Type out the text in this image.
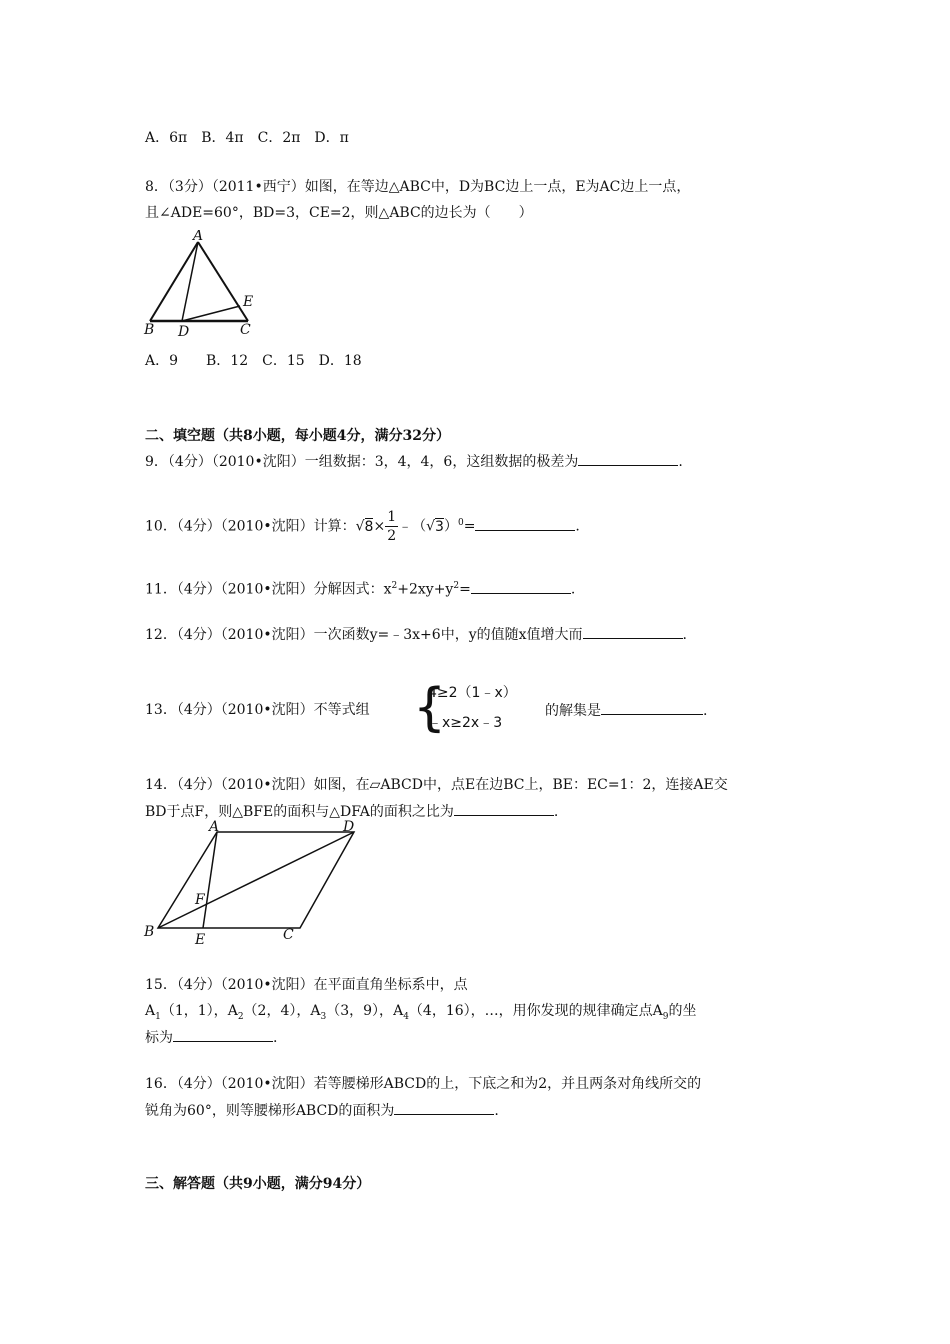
A．6π　B．4π　C．2π　D．π
8．（3分）（2011•西宁）如图，在等边△ABC中，D为BC边上一点，E为AC边上一点，
且∠ADE=60°，BD=3，CE=2，则△ABC的边长为（　　）
A
B D	C
E
A．9　　B．12　C．15　D．18
二、填空题（共8小题，每小题4分，满分32分）
9．（4分）（2010•沈阳）一组数据：3，4，4，6，这组数据的极差为	.
10．（4分）（2010•沈阳）计算：$√8\times \frac{1}{2}$ $﹣(√3)^0=$	.
11．（4分）（2010•沈阳）分解因式：$x^2+2xy+y^2=$	.
12．（4分）（2010•沈阳）一次函数y=﹣3x+6中，y的值随x值增大而	.
13．（4分）（2010•沈阳）不等式组 {
4≥2（1﹣x）
﹣x≥2x﹣3
的解集是	.
14．（4分）（2010•沈阳）如图，在▱ABCD中，点E在边BC上，BE：EC=1：2，连接AE交
BD于点F，则△BFE的面积与△DFA的面积之比为	.
A	D
B	E	C
F
15．（4分）（2010•沈阳）在平面直角坐标系中，点
$A_1(1$，1），$A_2(2$，4），$A_3(3$，9），$A_4(4$，16），…，用你发现的规律确定点$A_9$的坐
标为	.
16．（4分）（2010•沈阳）若等腰梯形ABCD的上，下底之和为2，并且两条对角线所交的
锐角为60°，则等腰梯形ABCD的面积为	.
三、解答题（共9小题，满分94分）
